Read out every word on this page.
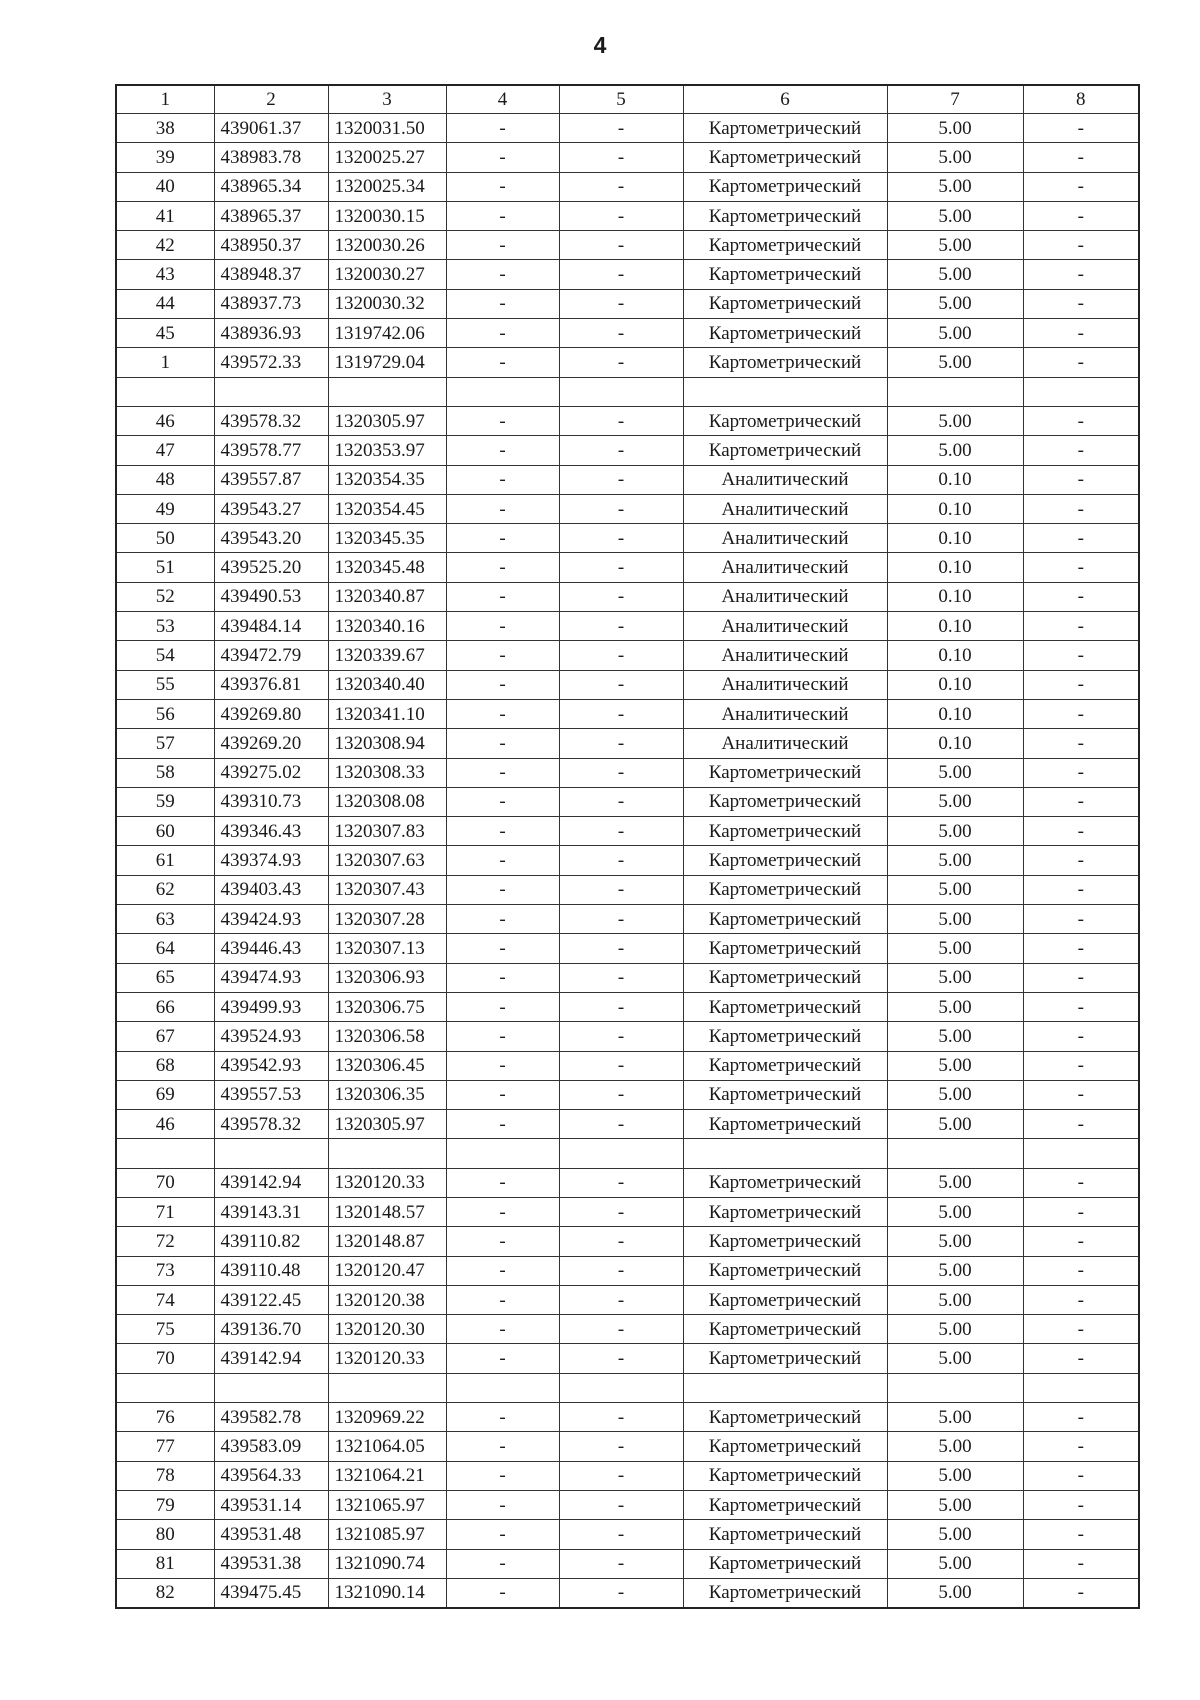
4
1	2	3	4	5	6	7	8
38	439061.37	1320031.50	-	-	Картометрический	5.00	-
39	438983.78	1320025.27	-	-	Картометрический	5.00	-
40	438965.34	1320025.34	-	-	Картометрический	5.00	-
41	438965.37	1320030.15	-	-	Картометрический	5.00	-
42	438950.37	1320030.26	-	-	Картометрический	5.00	-
43	438948.37	1320030.27	-	-	Картометрический	5.00	-
44	438937.73	1320030.32	-	-	Картометрический	5.00	-
45	438936.93	1319742.06	-	-	Картометрический	5.00	-
1	439572.33	1319729.04	-	-	Картометрический	5.00	-

46	439578.32	1320305.97	-	-	Картометрический	5.00	-
47	439578.77	1320353.97	-	-	Картометрический	5.00	-
48	439557.87	1320354.35	-	-	Аналитический	0.10	-
49	439543.27	1320354.45	-	-	Аналитический	0.10	-
50	439543.20	1320345.35	-	-	Аналитический	0.10	-
51	439525.20	1320345.48	-	-	Аналитический	0.10	-
52	439490.53	1320340.87	-	-	Аналитический	0.10	-
53	439484.14	1320340.16	-	-	Аналитический	0.10	-
54	439472.79	1320339.67	-	-	Аналитический	0.10	-
55	439376.81	1320340.40	-	-	Аналитический	0.10	-
56	439269.80	1320341.10	-	-	Аналитический	0.10	-
57	439269.20	1320308.94	-	-	Аналитический	0.10	-
58	439275.02	1320308.33	-	-	Картометрический	5.00	-
59	439310.73	1320308.08	-	-	Картометрический	5.00	-
60	439346.43	1320307.83	-	-	Картометрический	5.00	-
61	439374.93	1320307.63	-	-	Картометрический	5.00	-
62	439403.43	1320307.43	-	-	Картометрический	5.00	-
63	439424.93	1320307.28	-	-	Картометрический	5.00	-
64	439446.43	1320307.13	-	-	Картометрический	5.00	-
65	439474.93	1320306.93	-	-	Картометрический	5.00	-
66	439499.93	1320306.75	-	-	Картометрический	5.00	-
67	439524.93	1320306.58	-	-	Картометрический	5.00	-
68	439542.93	1320306.45	-	-	Картометрический	5.00	-
69	439557.53	1320306.35	-	-	Картометрический	5.00	-
46	439578.32	1320305.97	-	-	Картометрический	5.00	-

70	439142.94	1320120.33	-	-	Картометрический	5.00	-
71	439143.31	1320148.57	-	-	Картометрический	5.00	-
72	439110.82	1320148.87	-	-	Картометрический	5.00	-
73	439110.48	1320120.47	-	-	Картометрический	5.00	-
74	439122.45	1320120.38	-	-	Картометрический	5.00	-
75	439136.70	1320120.30	-	-	Картометрический	5.00	-
70	439142.94	1320120.33	-	-	Картометрический	5.00	-

76	439582.78	1320969.22	-	-	Картометрический	5.00	-
77	439583.09	1321064.05	-	-	Картометрический	5.00	-
78	439564.33	1321064.21	-	-	Картометрический	5.00	-
79	439531.14	1321065.97	-	-	Картометрический	5.00	-
80	439531.48	1321085.97	-	-	Картометрический	5.00	-
81	439531.38	1321090.74	-	-	Картометрический	5.00	-
82	439475.45	1321090.14	-	-	Картометрический	5.00	-
